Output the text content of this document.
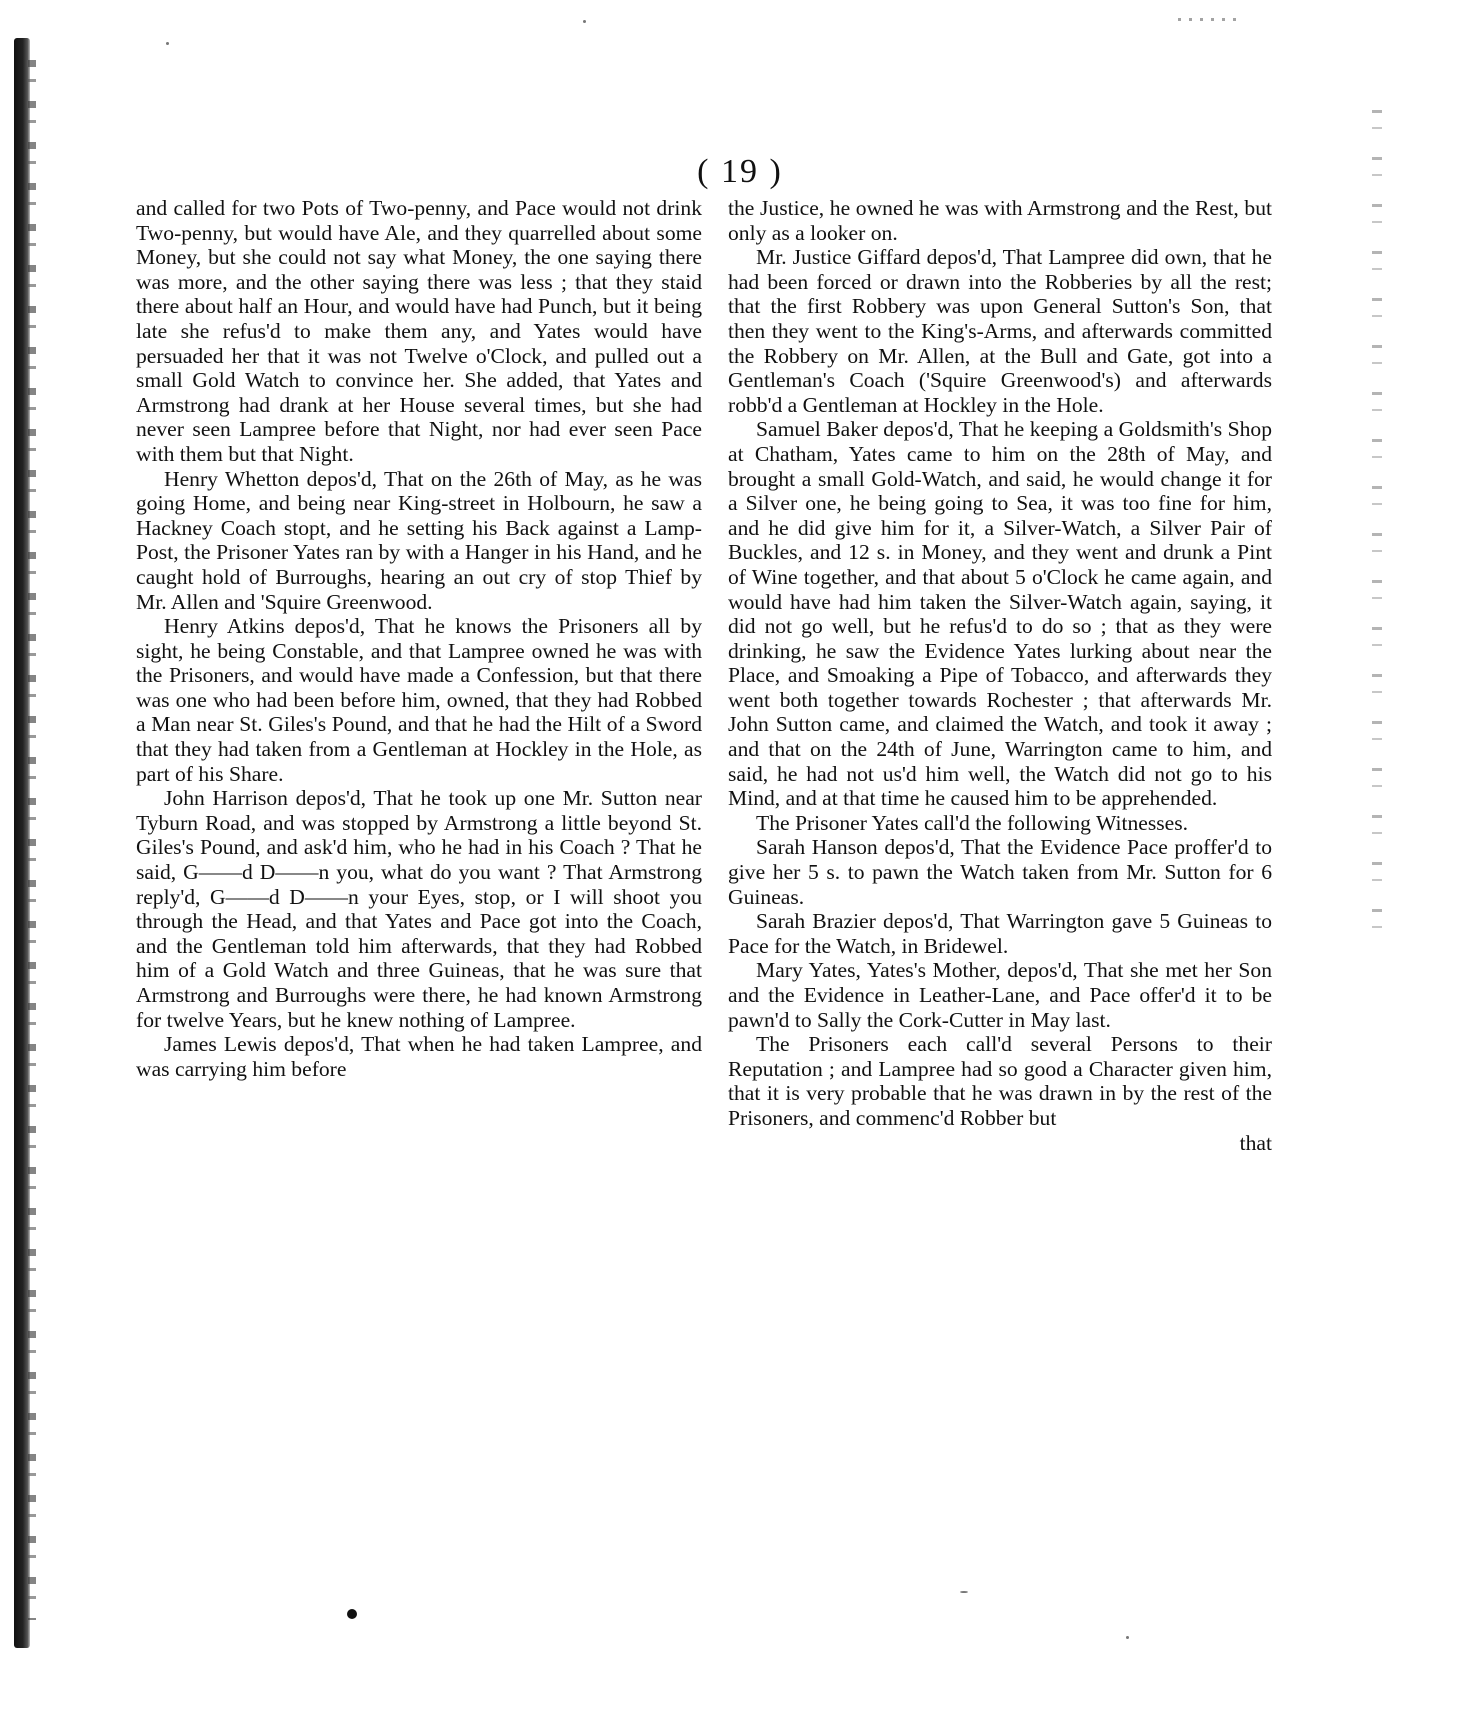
( 19 )

and called for two Pots of Two-penny, and Pace would not drink Two-penny, but would have Ale, and they quarrelled about some Money, but she could not say what Money, the one saying there was more, and the other saying there was less ; that they staid there about half an Hour, and would have had Punch, but it being late she refus'd to make them any, and Yates would have persuaded her that it was not Twelve o'Clock, and pulled out a small Gold Watch to convince her. She added, that Yates and Armstrong had drank at her House several times, but she had never seen Lampree before that Night, nor had ever seen Pace with them but that Night.

Henry Whetton depos'd, That on the 26th of May, as he was going Home, and being near King-street in Holbourn, he saw a Hackney Coach stopt, and he setting his Back against a Lamp-Post, the Prisoner Yates ran by with a Hanger in his Hand, and he caught hold of Burroughs, hearing an out cry of stop Thief by Mr. Allen and 'Squire Greenwood.

Henry Atkins depos'd, That he knows the Prisoners all by sight, he being Constable, and that Lampree owned he was with the Prisoners, and would have made a Confession, but that there was one who had been before him, owned, that they had Robbed a Man near St. Giles's Pound, and that he had the Hilt of a Sword that they had taken from a Gentleman at Hockley in the Hole, as part of his Share.

John Harrison depos'd, That he took up one Mr. Sutton near Tyburn Road, and was stopped by Armstrong a little beyond St. Giles's Pound, and ask'd him, who he had in his Coach ? That he said, G——d D——n you, what do you want ? That Armstrong reply'd, G——d D——n your Eyes, stop, or I will shoot you through the Head, and that Yates and Pace got into the Coach, and the Gentleman told him afterwards, that they had Robbed him of a Gold Watch and three Guineas, that he was sure that Armstrong and Burroughs were there, he had known Armstrong for twelve Years, but he knew nothing of Lampree.

James Lewis depos'd, That when he had taken Lampree, and was carrying him before

the Justice, he owned he was with Armstrong and the Rest, but only as a looker on.

Mr. Justice Giffard depos'd, That Lampree did own, that he had been forced or drawn into the Robberies by all the rest; that the first Robbery was upon General Sutton's Son, that then they went to the King's-Arms, and afterwards committed the Robbery on Mr. Allen, at the Bull and Gate, got into a Gentleman's Coach ('Squire Greenwood's) and afterwards robb'd a Gentleman at Hockley in the Hole.

Samuel Baker depos'd, That he keeping a Goldsmith's Shop at Chatham, Yates came to him on the 28th of May, and brought a small Gold-Watch, and said, he would change it for a Silver one, he being going to Sea, it was too fine for him, and he did give him for it, a Silver-Watch, a Silver Pair of Buckles, and 12 s. in Money, and they went and drunk a Pint of Wine together, and that about 5 o'Clock he came again, and would have had him taken the Silver-Watch again, saying, it did not go well, but he refus'd to do so ; that as they were drinking, he saw the Evidence Yates lurking about near the Place, and Smoaking a Pipe of Tobacco, and afterwards they went both together towards Rochester ; that afterwards Mr. John Sutton came, and claimed the Watch, and took it away ; and that on the 24th of June, Warrington came to him, and said, he had not us'd him well, the Watch did not go to his Mind, and at that time he caused him to be apprehended.

The Prisoner Yates call'd the following Witnesses.

Sarah Hanson depos'd, That the Evidence Pace proffer'd to give her 5 s. to pawn the Watch taken from Mr. Sutton for 6 Guineas.

Sarah Brazier depos'd, That Warrington gave 5 Guineas to Pace for the Watch, in Bridewel.

Mary Yates, Yates's Mother, depos'd, That she met her Son and the Evidence in Leather-Lane, and Pace offer'd it to be pawn'd to Sally the Cork-Cutter in May last.

The Prisoners each call'd several Persons to their Reputation ; and Lampree had so good a Character given him, that it is very probable that he was drawn in by the rest of the Prisoners, and commenc'd Robber but

that
